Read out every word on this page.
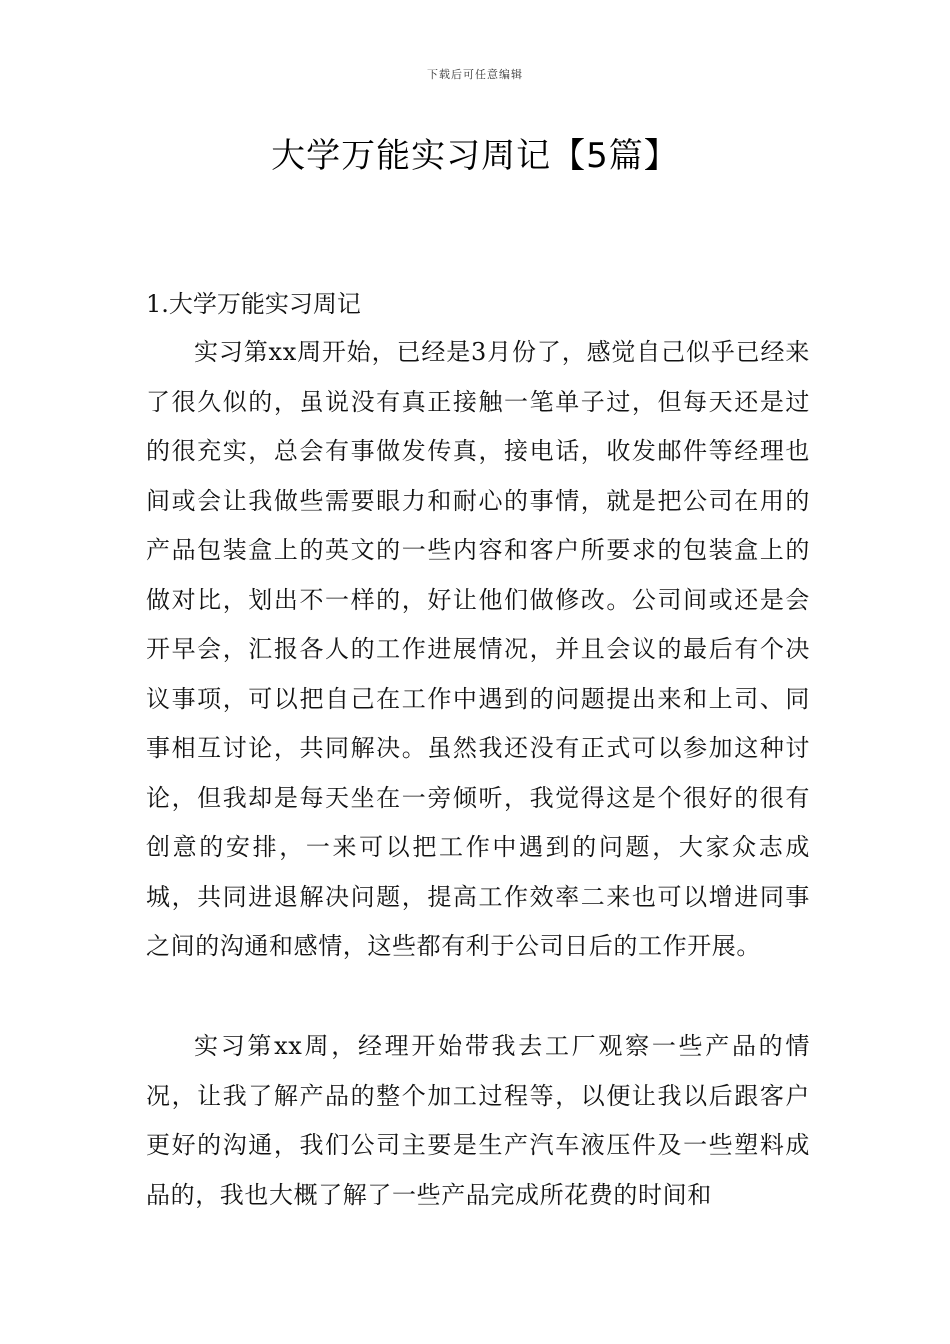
下载后可任意编辑
大学万能实习周记【5篇】
1.大学万能实习周记

实习第xx周开始，已经是3月份了，感觉自己似乎已经来了很久似的，虽说没有真正接触一笔单子过，但每天还是过的很充实，总会有事做发传真，接电话，收发邮件等经理也间或会让我做些需要眼力和耐心的事情，就是把公司在用的产品包装盒上的英文的一些内容和客户所要求的包装盒上的做对比，划出不一样的，好让他们做修改。公司间或还是会开早会，汇报各人的工作进展情况，并且会议的最后有个决议事项，可以把自己在工作中遇到的问题提出来和上司、同事相互讨论，共同解决。虽然我还没有正式可以参加这种讨论，但我却是每天坐在一旁倾听，我觉得这是个很好的很有创意的安排，一来可以把工作中遇到的问题，大家众志成城，共同进退解决问题，提高工作效率二来也可以增进同事之间的沟通和感情，这些都有利于公司日后的工作开展。

实习第xx周，经理开始带我去工厂观察一些产品的情况，让我了解产品的整个加工过程等，以便让我以后跟客户更好的沟通，我们公司主要是生产汽车液压件及一些塑料成品的，我也大概了解了一些产品完成所花费的时间和
